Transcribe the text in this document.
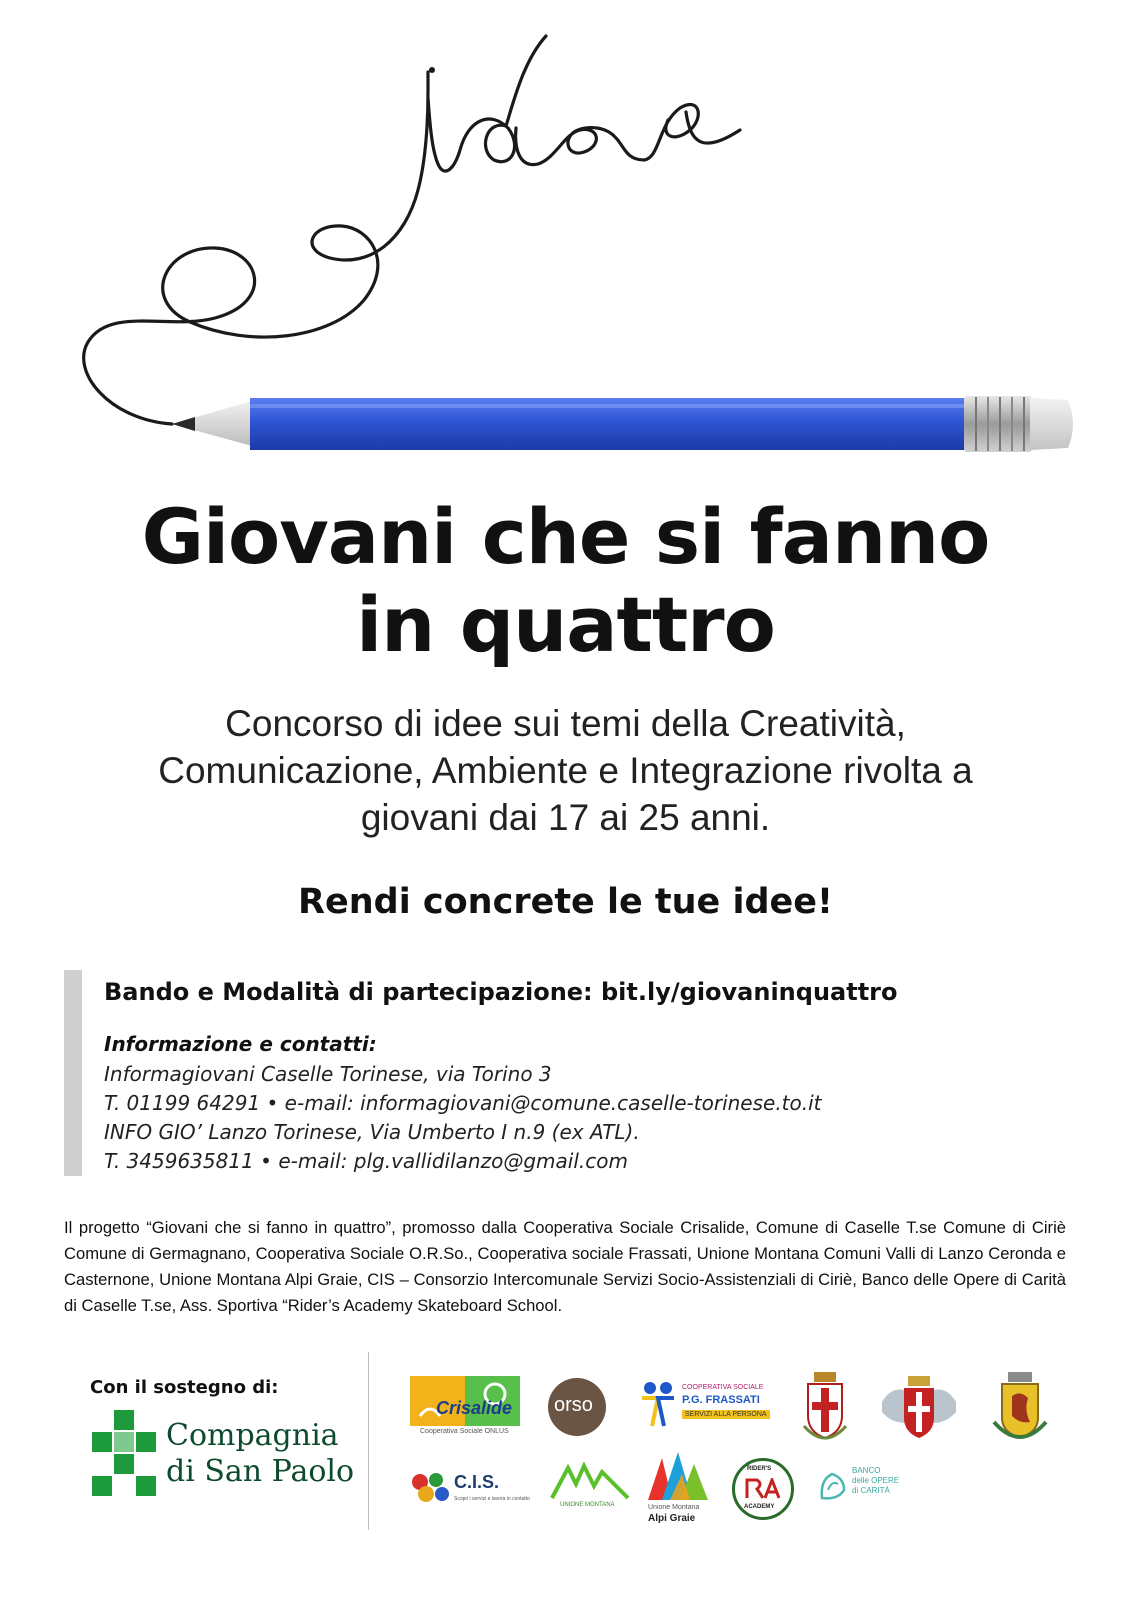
Giovani che si fanno
in quattro
Concorso di idee sui temi della Creatività,
Comunicazione, Ambiente e Integrazione rivolta a
giovani dai 17 ai 25 anni.
Rendi concrete le tue idee!
Bando e Modalità di partecipazione: bit.ly/giovaninquattro
Informazione e contatti:
Informagiovani Caselle Torinese, via Torino 3
T. 01199 64291 • e-mail: informagiovani@comune.caselle-torinese.to.it
INFO GIO’ Lanzo Torinese, Via Umberto I n.9 (ex ATL).
T. 3459635811 • e-mail: plg.vallidilanzo@gmail.com
Il progetto “Giovani che si fanno in quattro”, promosso dalla Cooperativa Sociale Crisalide, Comune di Caselle T.se Comune di Ciriè Comune di Germagnano, Cooperativa Sociale O.R.So., Cooperativa sociale Frassati, Unione Montana Comuni Valli di Lanzo Ceronda e Casternone, Unione Montana Alpi Graie, CIS – Consorzio Intercomunale Servizi Socio-Assistenziali di Ciriè, Banco delle Opere di Carità di Caselle T.se, Ass. Sportiva “Rider’s Academy Skateboard School.
Con il sostegno di:
Compagnia
di San Paolo
Crisalide
Cooperativa Sociale ONLUS
orso
COOPERATIVA SOCIALE
P.G. FRASSATI
SERVIZI ALLA PERSONA
C.I.S.
Scopri i servizi e lavora in contatto
UNIONE MONTANA	Unione Montana
Alpi Graie
RIDER'S
ACADEMY
BANCO
delle OPERE
di CARITÀ
